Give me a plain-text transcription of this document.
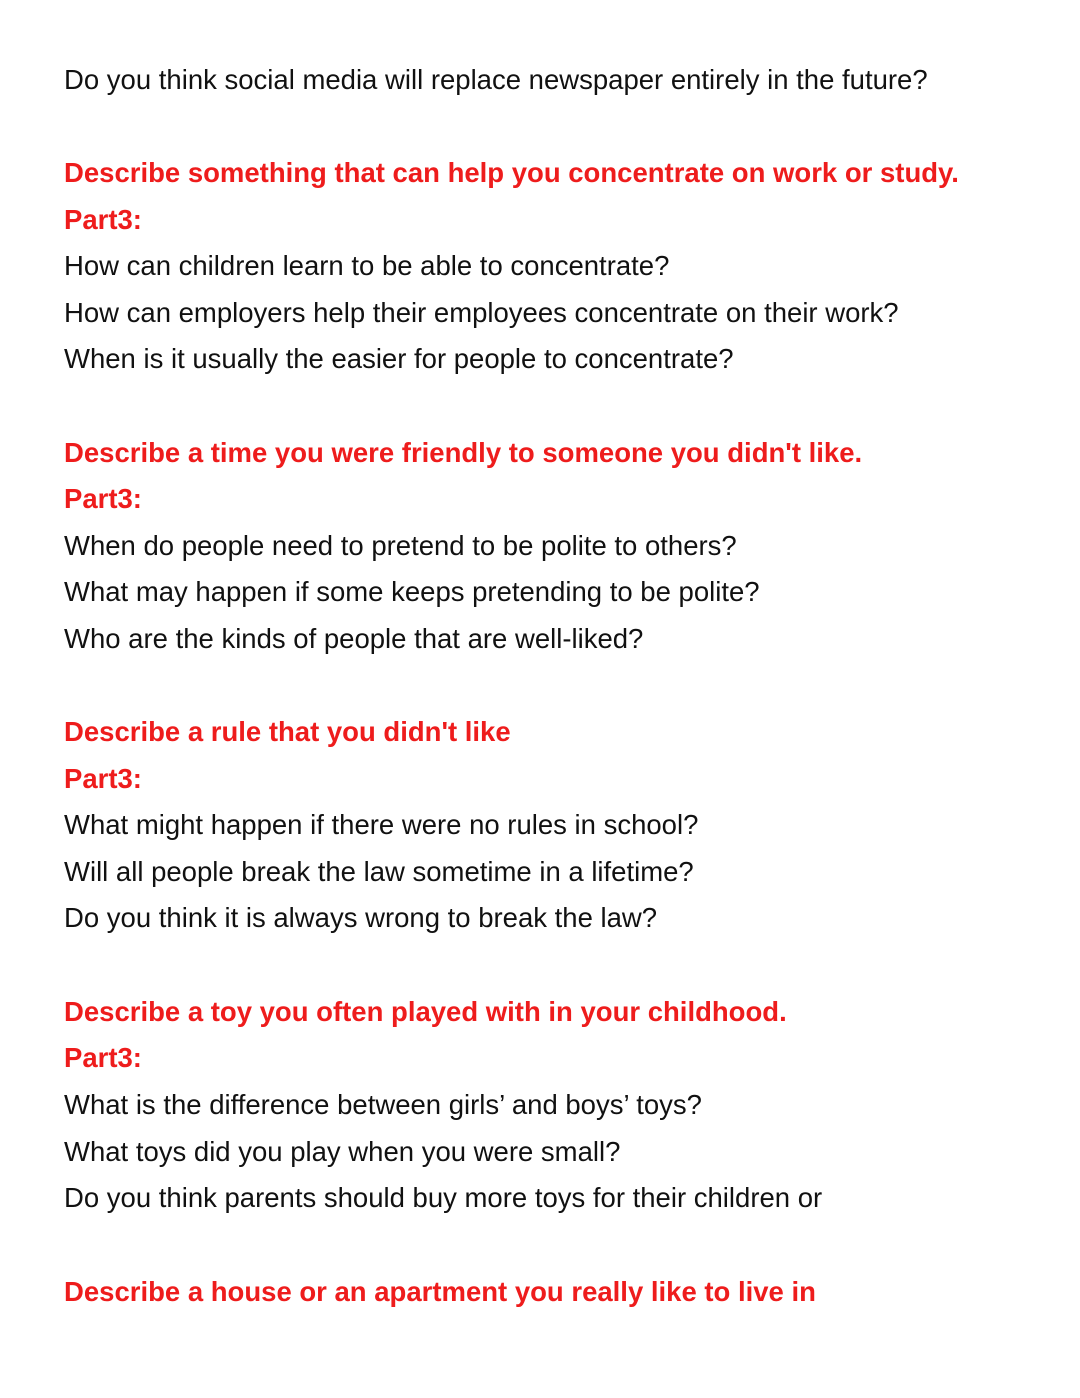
Do you think social media will replace newspaper entirely in the future?
Describe something that can help you concentrate on work or study.
Part3:
How can children learn to be able to concentrate?
How can employers help their employees concentrate on their work?
When is it usually the easier for people to concentrate?
Describe a time you were friendly to someone you didn't like.
Part3:
When do people need to pretend to be polite to others?
What may happen if some keeps pretending to be polite?
Who are the kinds of people that are well-liked?
Describe a rule that you didn't like
Part3:
What might happen if there were no rules in school?
Will all people break the law sometime in a lifetime?
Do you think it is always wrong to break the law?
Describe a toy you often played with in your childhood.
Part3:
What is the difference between girls’ and boys’ toys?
What toys did you play when you were small?
Do you think parents should buy more toys for their children or
Describe a house or an apartment you really like to live in
